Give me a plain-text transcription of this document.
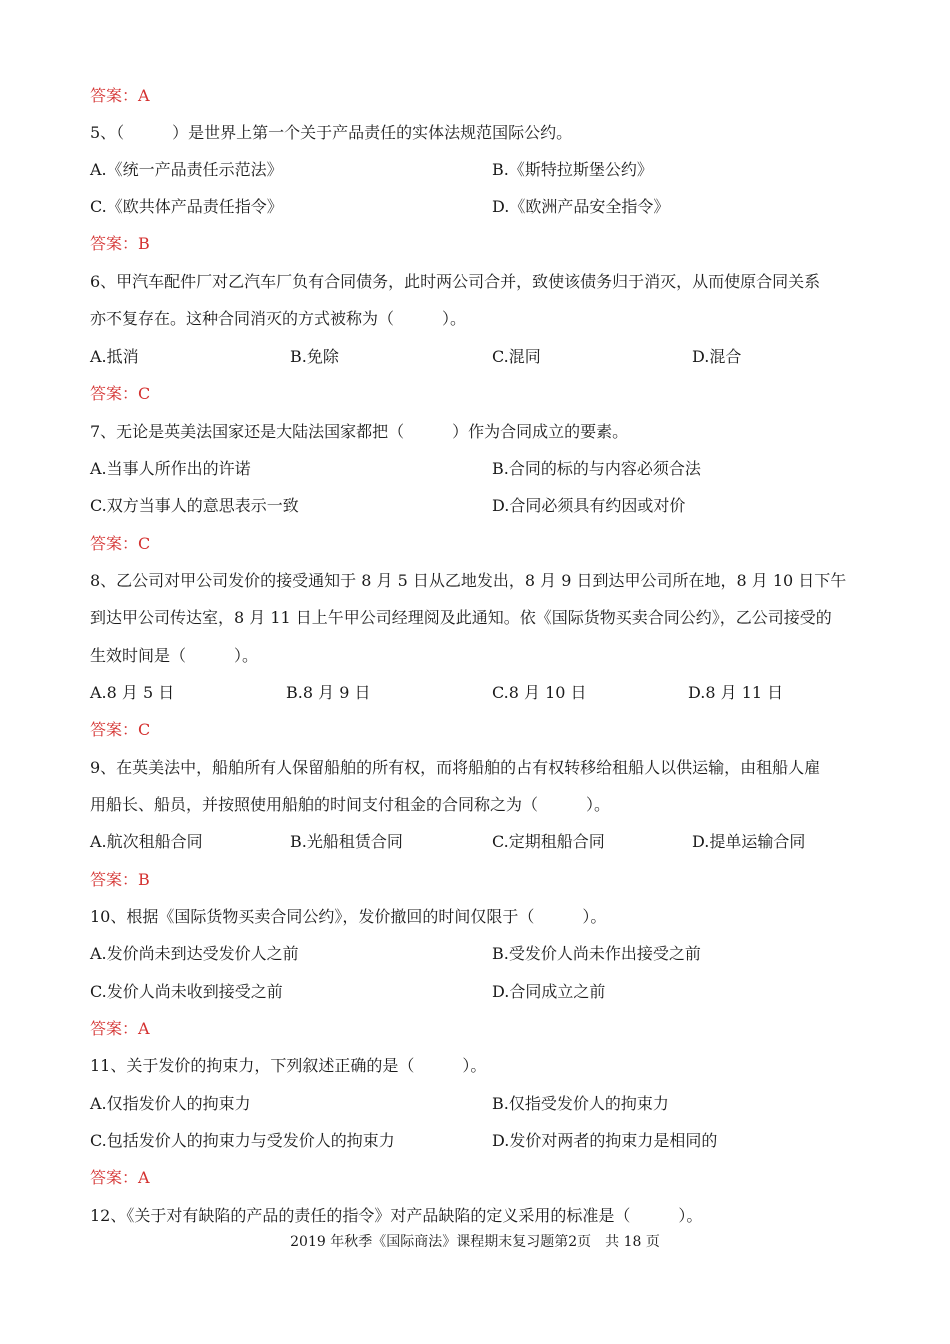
答案：A
5、（　　　）是世界上第一个关于产品责任的实体法规范国际公约。
A.《统一产品责任示范法》	B.《斯特拉斯堡公约》
C.《欧共体产品责任指令》	D.《欧洲产品安全指令》
答案：B
6、甲汽车配件厂对乙汽车厂负有合同债务，此时两公司合并，致使该债务归于消灭，从而使原合同关系
亦不复存在。这种合同消灭的方式被称为（　　　）。
A.抵消	B.免除	C.混同	D.混合
答案：C
7、无论是英美法国家还是大陆法国家都把（　　　）作为合同成立的要素。
A.当事人所作出的许诺	B.合同的标的与内容必须合法
C.双方当事人的意思表示一致	D.合同必须具有约因或对价
答案：C
8、乙公司对甲公司发价的接受通知于 8 月 5 日从乙地发出，8 月 9 日到达甲公司所在地，8 月 10 日下午
到达甲公司传达室，8 月 11 日上午甲公司经理阅及此通知。依《国际货物买卖合同公约》，乙公司接受的
生效时间是（　　　）。
A.8 月 5 日	B.8 月 9 日	C.8 月 10 日	D.8 月 11 日
答案：C
9、在英美法中，船舶所有人保留船舶的所有权，而将船舶的占有权转移给租船人以供运输，由租船人雇
用船长、船员，并按照使用船舶的时间支付租金的合同称之为（　　　）。
A.航次租船合同	B.光船租赁合同	C.定期租船合同	D.提单运输合同
答案：B
10、根据《国际货物买卖合同公约》，发价撤回的时间仅限于（　　　）。
A.发价尚未到达受发价人之前	B.受发价人尚未作出接受之前
C.发价人尚未收到接受之前	D.合同成立之前
答案：A
11、关于发价的拘束力，下列叙述正确的是（　　　）。
A.仅指发价人的拘束力	B.仅指受发价人的拘束力
C.包括发价人的拘束力与受发价人的拘束力	D.发价对两者的拘束力是相同的
答案：A
12、《关于对有缺陷的产品的责任的指令》对产品缺陷的定义采用的标准是（　　　）。
2019 年秋季《国际商法》课程期末复习题第2页　共 18 页
